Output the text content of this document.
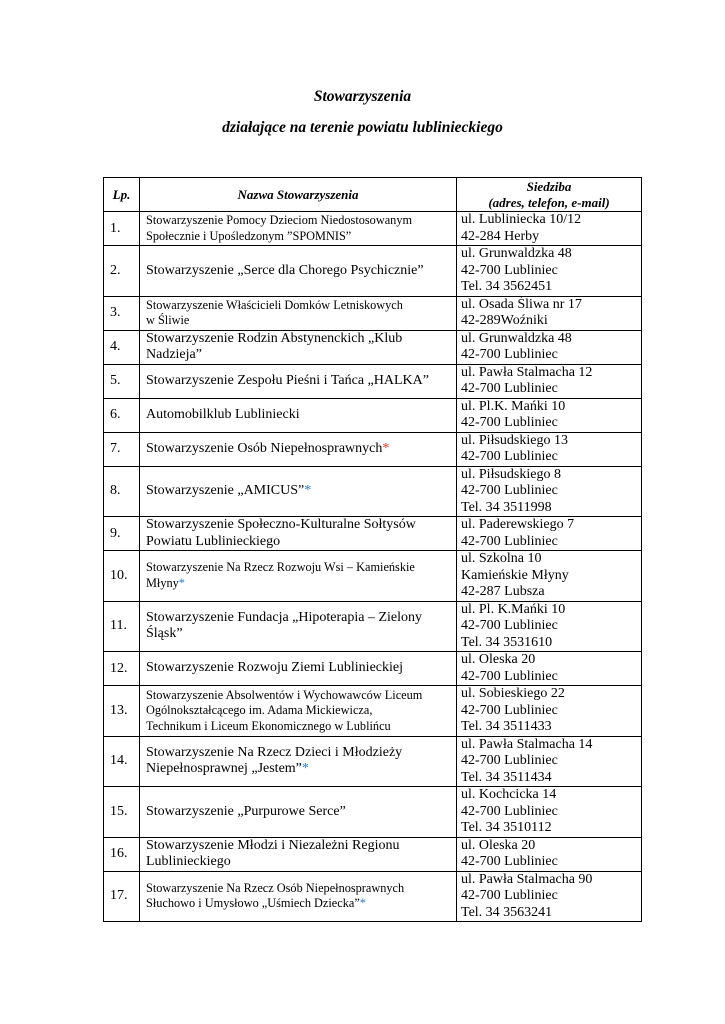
Stowarzyszenia
działające na terenie powiatu lublinieckiego
Lp.	Nazwa Stowarzyszenia	Siedziba
(adres, telefon, e-mail)

1.	Stowarzyszenie Pomocy Dzieciom Niedostosowanym
Społecznie i Upośledzonym ”SPOMNIS”	ul. Lubliniecka 10/12
42-284 Herby

2.	Stowarzyszenie „Serce dla Chorego Psychicznie”	ul. Grunwaldzka 48
42-700 Lubliniec
Tel. 34 3562451

3.	Stowarzyszenie Właścicieli Domków Letniskowych
w Śliwie	ul. Osada Śliwa nr 17
42-289Woźniki

4.	Stowarzyszenie Rodzin Abstynenckich „Klub
Nadzieja”	ul. Grunwaldzka 48
42-700 Lubliniec

5.	Stowarzyszenie Zespołu Pieśni i Tańca „HALKA”	ul. Pawła Stalmacha 12
42-700 Lubliniec

6.	Automobilklub Lubliniecki	ul. Pl.K. Mańki 10
42-700 Lubliniec

7.	Stowarzyszenie Osób Niepełnosprawnych*	ul. Piłsudskiego 13
42-700 Lubliniec

8.	Stowarzyszenie „AMICUS”*	ul. Piłsudskiego 8
42-700 Lubliniec
Tel. 34 3511998

9.	Stowarzyszenie Społeczno-Kulturalne Sołtysów
Powiatu Lublinieckiego	ul. Paderewskiego 7
42-700 Lubliniec

10.	Stowarzyszenie Na Rzecz Rozwoju Wsi – Kamieńskie
Młyny*	ul. Szkolna 10
Kamieńskie Młyny
42-287 Lubsza

11.	Stowarzyszenie Fundacja „Hipoterapia – Zielony
Śląsk”	ul. Pl. K.Mańki 10
42-700 Lubliniec
Tel. 34 3531610

12.	Stowarzyszenie Rozwoju Ziemi Lublinieckiej	ul. Oleska 20
42-700 Lubliniec

13.	Stowarzyszenie Absolwentów i Wychowawców Liceum
Ogólnokształcącego im. Adama Mickiewicza,
Technikum i Liceum Ekonomicznego w Lublińcu	ul. Sobieskiego 22
42-700 Lubliniec
Tel. 34 3511433

14.	Stowarzyszenie Na Rzecz Dzieci i Młodzieży
Niepełnosprawnej „Jestem”*	ul. Pawła Stalmacha 14
42-700 Lubliniec
Tel. 34 3511434

15.	Stowarzyszenie „Purpurowe Serce”	ul. Kochcicka 14
42-700 Lubliniec
Tel. 34 3510112

16.	Stowarzyszenie Młodzi i Niezależni Regionu
Lublinieckiego	ul. Oleska 20
42-700 Lubliniec

17.	Stowarzyszenie Na Rzecz Osób Niepełnosprawnych
Słuchowo i Umysłowo „Uśmiech Dziecka”*	ul. Pawła Stalmacha 90
42-700 Lubliniec
Tel. 34 3563241
